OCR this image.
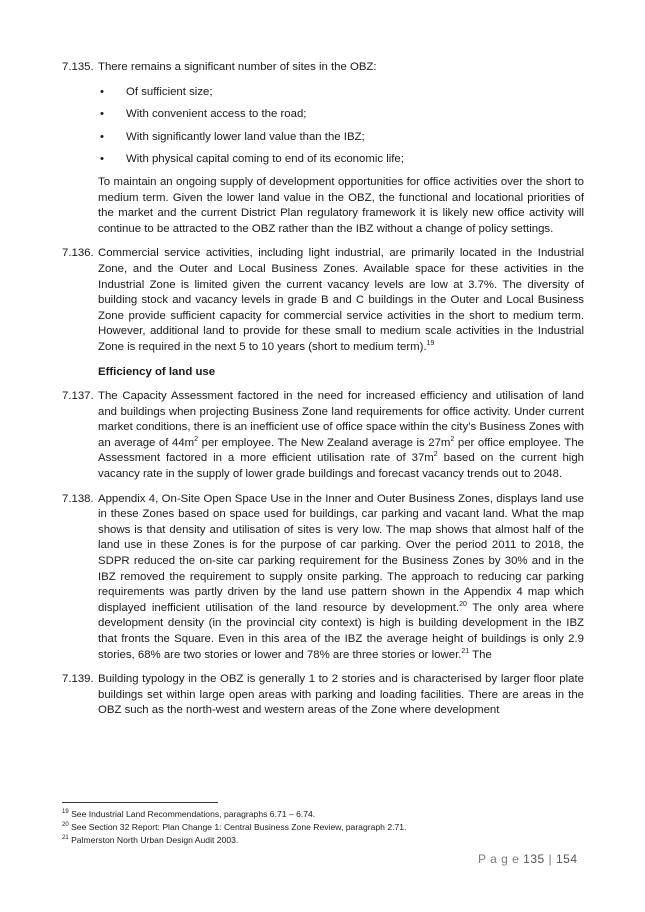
7.135. There remains a significant number of sites in the OBZ:
• Of sufficient size;
• With convenient access to the road;
• With significantly lower land value than the IBZ;
• With physical capital coming to end of its economic life;

To maintain an ongoing supply of development opportunities for office activities over the short to medium term. Given the lower land value in the OBZ, the functional and locational priorities of the market and the current District Plan regulatory framework it is likely new office activity will continue to be attracted to the OBZ rather than the IBZ without a change of policy settings.

7.136. Commercial service activities, including light industrial, are primarily located in the Industrial Zone, and the Outer and Local Business Zones. Available space for these activities in the Industrial Zone is limited given the current vacancy levels are low at 3.7%. The diversity of building stock and vacancy levels in grade B and C buildings in the Outer and Local Business Zone provide sufficient capacity for commercial service activities in the short to medium term. However, additional land to provide for these small to medium scale activities in the Industrial Zone is required in the next 5 to 10 years (short to medium term).$^{19}$

Efficiency of land use

7.137. The Capacity Assessment factored in the need for increased efficiency and utilisation of land and buildings when projecting Business Zone land requirements for office activity. Under current market conditions, there is an inefficient use of office space within the city’s Business Zones with an average of $44m^2$ per employee. The New Zealand average is $27m^2$ per office employee. The Assessment factored in a more efficient utilisation rate of $37m^2$ based on the current high vacancy rate in the supply of lower grade buildings and forecast vacancy trends out to 2048.
7.138. Appendix 4, On-Site Open Space Use in the Inner and Outer Business Zones, displays land use in these Zones based on space used for buildings, car parking and vacant land. What the map shows is that density and utilisation of sites is very low. The map shows that almost half of the land use in these Zones is for the purpose of car parking. Over the period 2011 to 2018, the SDPR reduced the on-site car parking requirement for the Business Zones by 30% and in the IBZ removed the requirement to supply onsite parking. The approach to reducing car parking requirements was partly driven by the land use pattern shown in the Appendix 4 map which displayed inefficient utilisation of the land resource by development.$^{20}$ The only area where development density (in the provincial city context) is high is building development in the IBZ that fronts the Square. Even in this area of the IBZ the average height of buildings is only 2.9 stories, 68% are two stories or lower and 78% are three stories or lower.$^{21}$ The
7.139. Building typology in the OBZ is generally 1 to 2 stories and is characterised by larger floor plate buildings set within large open areas with parking and loading facilities. There are areas in the OBZ such as the north-west and western areas of the Zone where development
$^{19}$ See Industrial Land Recommendations, paragraphs 6.71 – 6.74.
$^{20}$ See Section 32 Report: Plan Change 1: Central Business Zone Review, paragraph 2.71.
$^{21}$ Palmerston North Urban Design Audit 2003.
P a g e 135 | 154
